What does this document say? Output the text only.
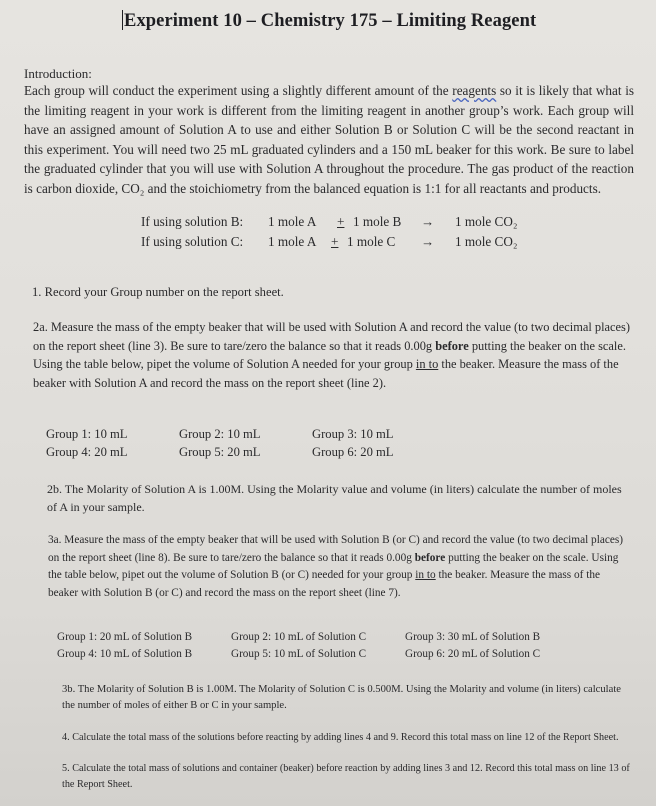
Experiment 10 – Chemistry 175 – Limiting Reagent
Introduction:
Each group will conduct the experiment using a slightly different amount of the reagents so it is likely that what is the limiting reagent in your work is different from the limiting reagent in another group’s work. Each group will have an assigned amount of Solution A to use and either Solution B or Solution C will be the second reactant in this experiment. You will need two 25 mL graduated cylinders and a 150 mL beaker for this work. Be sure to label the graduated cylinder that you will use with Solution A throughout the procedure. The gas product of the reaction is carbon dioxide, CO₂ and the stoichiometry from the balanced equation is 1:1 for all reactants and products.
If using solution B: 1 mole A + 1 mole B → 1 mole CO₂
If using solution C: 1 mole A + 1 mole C → 1 mole CO₂
1. Record your Group number on the report sheet.
2a. Measure the mass of the empty beaker that will be used with Solution A and record the value (to two decimal places) on the report sheet (line 3). Be sure to tare/zero the balance so that it reads 0.00g before putting the beaker on the scale. Using the table below, pipet the volume of Solution A needed for your group in to the beaker. Measure the mass of the beaker with Solution A and record the mass on the report sheet (line 2).
Group 1: 10 mL	Group 2: 10 mL	Group 3: 10 mL
Group 4: 20 mL	Group 5: 20 mL	Group 6: 20 mL
2b. The Molarity of Solution A is 1.00M. Using the Molarity value and volume (in liters) calculate the number of moles of A in your sample.
3a. Measure the mass of the empty beaker that will be used with Solution B (or C) and record the value (to two decimal places) on the report sheet (line 8). Be sure to tare/zero the balance so that it reads 0.00g before putting the beaker on the scale. Using the table below, pipet out the volume of Solution B (or C) needed for your group in to the beaker. Measure the mass of the beaker with Solution B (or C) and record the mass on the report sheet (line 7).
Group 1: 20 mL of Solution B	Group 2: 10 mL of Solution C	Group 3: 30 mL of Solution B
Group 4: 10 mL of Solution B	Group 5: 10 mL of Solution C	Group 6: 20 mL of Solution C
3b. The Molarity of Solution B is 1.00M. The Molarity of Solution C is 0.500M. Using the Molarity and volume (in liters) calculate the number of moles of either B or C in your sample.
4. Calculate the total mass of the solutions before reacting by adding lines 4 and 9. Record this total mass on line 12 of the Report Sheet.
5. Calculate the total mass of solutions and container (beaker) before reaction by adding lines 3 and 12. Record this total mass on line 13 of the Report Sheet.
